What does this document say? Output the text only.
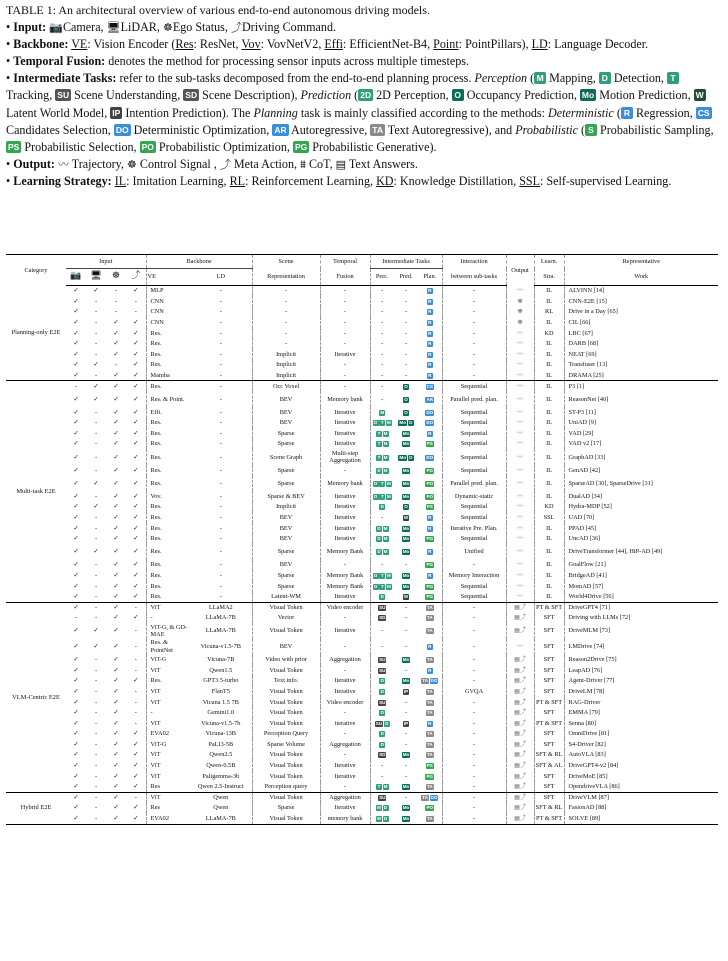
TABLE 1: An architectural overview of various end-to-end autonomous driving models.

• Input: 📷Camera, 🖥LiDAR, ☸Ego Status, ⤴Driving Command.

• Backbone: VE: Vision Encoder (Res: ResNet, Vov: VovNetV2, Effi: EfficientNet-B4, Point: PointPillars), LD: Language Decoder.

• Temporal Fusion: denotes the method for processing sensor inputs across multiple timesteps.

• Intermediate Tasks: refer to the sub-tasks decomposed from the end-to-end planning process. Perception ( M Mapping, D Detection, T Tracking, SU Scene Understanding, SD Scene Description), Prediction ( 2D 2D Perception, O Occupancy Prediction, Mo Motion Prediction, W Latent World Model, IP Intention Prediction). The Planning task is mainly classified according to the methods: Deterministic ( R Regression, CS Candidates Selection, DO Deterministic Optimization, AR Autoregressive, TA Text Autoregressive), and Probabilistic ( S Probabilistic Sampling, PS Probabilistic Selection, PO Probabilistic Optimization, PG Probabilistic Generative).

• Output: 〰 Trajectory, ☸ Control Signal , ⤴ Meta Action, ⩩ CoT, ▤ Text Answers.

• Learning Strategy: IL: Imitation Learning, RL: Reinforcement Learning, KD: Knowledge Distillation, SSL: Self-supervised Learning.

Category	Input				Backbone		Scene	Temporal	Intermediate Tasks			Interaction	Output	Learn.	Representative
	📷	🖥	☸	⤴	VE	LD	Representation	Fusion	Perc.	Pred.	Plan.	between sub-tasks		Stra.	Work
Planning-only E2E	✓	✓	-	✓	MLP	-	-	-	-	-	R	-	〰	IL	ALVINN [14]
	✓	-	-	-	CNN	-	-	-	-	-	R	-	☸	IL	CNN-E2E [15]
	✓	-	-	-	CNN	-	-	-	-	-	R	-	☸	RL	Drive in a Day [65]
	✓	-	✓	✓	CNN	-	-	-	-	-	R	-	☸	IL	CIL [66]
	✓	-	✓	✓	Res.	-	-	-	-	-	R	-	〰	KD	LBC [67]
	✓	-	✓	✓	Res.	-	-	-	-	-	R	-	〰	IL	DARB [68]
	✓	-	✓	✓	Res.	-	Implicit	Iterative	-	-	R	-	〰	IL	NEAT [69]
	✓	✓	-	✓	Res.	-	Implicit	-	-	-	R	-	〰	IL	Transfuser [13]
	✓	-	✓	✓	Mamba	-	Implicit	-	-	-	R	-	〰	IL	DRAMA [25]
Multi-task E2E	-	✓	✓	✓	Res.	-	Occ Voxel	-	-	O	CS	Sequential	〰	IL	P3 [1]
	✓	✓	✓	✓	Res. & Point.	-	BEV	Memory bank	-	O	AR	Parallel pred. plan.	〰	IL	ReasonNet [40]
	✓	-	✓	✓	Effi.	-	BEV	Iterative	M	O	DO	Sequential	〰	IL	ST-P3 [11]
	✓	-	✓	✓	Res.	-	BEV	Iterative	D T M	Mo O	DO	Sequential	〰	IL	UniAD [9]
	✓	-	✓	✓	Res.	-	Sparse	Iterative	T M	Mo	R	Sequential	〰	IL	VAD [29]
	✓	-	✓	✓	Res.	-	Sparse	Iterative	T M	Mo	PS	Sequential	〰	IL	VAD v2 [17]
	✓	-	✓	✓	Res.	-	Scene Graph	Multi-step Aggregation	T M	Mo O	DO	Sequential	〰	IL	GraphAD [33]
	✓	-	✓	✓	Res.	-	Sparse	-	D M	Mo	PG	Sequential	〰	IL	GenAD [42]
	✓	✓	✓	✓	Res.	-	Sparse	Memory bank	D T M	Mo	PO	Parallel pred. plan.	〰	IL	SparseAD [30], SparseDrive [31]
	✓	-	✓	✓	Vov.	-	Sparse & BEV	Iterative	D T M	Mo	PO	Dynamic-static	〰	IL	DualAD [34]
	✓	✓	✓	✓	Res.	-	Implicit	Iterative	D	O	PS	Sequential	〰	KD	Hydra-MDP [52]
	✓	-	✓	✓	Res.	-	BEV	Iterative	-	W	R	Sequential	〰	SSL	UAD [70]
	✓	-	✓	✓	Res.	-	BEV	Iterative	D M	Mo	R	Iterative Pre. Plan.	〰	IL	PPAD [45]
	✓	-	✓	✓	Res.	-	BEV	Iterative	D M	Mo	PG	Sequential	〰	IL	UncAD [36]
	✓	✓	✓	✓	Res.	-	Sparse	Memory Bank	D M	Mo	R	Unified	〰	IL	DriveTransformer [44], HiP-AD [49]
	✓	-	✓	✓	Res.	-	BEV	-	-	-	PG	-	〰	IL	GoalFlow [21]
	✓	-	✓	✓	Res.	-	Sparse	Memory Bank	D T M	Mo	R	Memory Interaction	〰	IL	BridgeAD [41]
	✓	-	✓	✓	Res.	-	Sparse	Memory Bank	D T M	Mo	PG	Sequential	〰	IL	MomAD [57]
	✓	-	✓	✓	Res.	-	Latent-WM	Iterative	D	W	PG	Sequential	〰	IL	World4Drive [56]
VLM-Centric E2E	✓	-	✓	-	ViT	LLaMA2	Visual Token	Video encoder	SU	-	TA	-	▤⤴	PT & SFT	DriveGPT4 [71]
	-	-	✓	✓	-	LLaMA-7B	Vector	-	SD	-	TA	-	▤⤴	SFT	Driving with LLMs [72]
	✓	✓	✓	-	ViT-G, & GD-MAE	LLaMA-7B	Visual Token	Iterative	-	-	TA	-	▤⤴	SFT	DriveMLM [73]
	✓	✓	✓	-	Res. & PointNet	Vicuna-v1.5-7B	BEV	-	-	-	R	-	〰	SFT	LMDrive [74]
	✓	-	✓	-	ViT-G	Vicuna-7B	Video with prior	Aggregation	SU	Mo	TA	-	▤⤴	SFT	Reason2Drive [75]
	✓	-	✓	-	ViT	Qwen1.5	Visual Token	-	SU	-	R	-	▤⤴	SFT	LeapAD [76]
	✓	-	✓	✓	Res.	GPT3.5-turbo	Text info.	Iterative	D	Mo	TA DO	-	▤⤴	SFT	Agent-Driver [77]
	✓	-	✓	-	ViT	FlanT5	Visual Token	Iterative	D	IP	TA	GVQA	▤⤴	SFT	DriveLM [78]
	✓	-	✓	-	ViT	Vicuna 1.5 7B	Visual Token	Video encoder	SU	-	TA	-	▤⤴	PT & SFT	RAG-Driver
	✓	-	✓	-	-	Gemini1.0	Visual Token	-	D	-	TA	-	▤⤴	SFT	EMMA [79]
	✓	-	✓	-	ViT	Vicuna-v1.5-7b	Visual Token	iterative	SU D	IP	R	-	▤⤴	PT & SFT	Senna [80]
	✓	-	✓	✓	EVA02	Vicuna-13B	Perception Query	-	D	-	TA	-	▤⤴	SFT	OmniDrive [81]
	✓	-	✓	✓	ViT-G	PaLI3-5B	Sparse Volume	Aggregation	D	-	TA	-	▤⤴	SFT	S4-Driver [82]
	✓	-	✓	✓	ViT	Qwen2.5	Visual Token	-	SD	Mo	TA	-	▤⤴	SFT & RL	AutoVLA [83]
	✓	-	✓	✓	ViT	Qwen-0.5B	Visual Token	Iterative	-	-	PS	-	▤⤴	SFT & AL	DriveGPT4-v2 [84]
	✓	-	✓	✓	ViT	Paligemma-3b	Visual Token	Iterative	-	-	PG	-	▤⤴	SFT	DriveMoE [85]
	✓	-	✓	✓	Res	Qwen 2.5-Instruct	Perception query	-	T M	Mo	TA	-	▤⤴	SFT	OpendriveVLA [86]
Hybrid E2E	✓	-	✓	-	ViT	Qwen	Visual Token	Aggregation	SU	-	TA DO	-	▤⤴	SFT	DriveVLM [87]
	✓	-	✓	✓	Res	Qwen	Sparse	Iterative	M D	Mo	PO	-	▤⤴	SFT & RL	FasionAD [88]
	✓	-	✓	✓	EVA02	LLaMA-7B	Visual Token	memory bank	M D	Mo	TA	-	▤⤴	PT & SFT	SOLVE [89]
